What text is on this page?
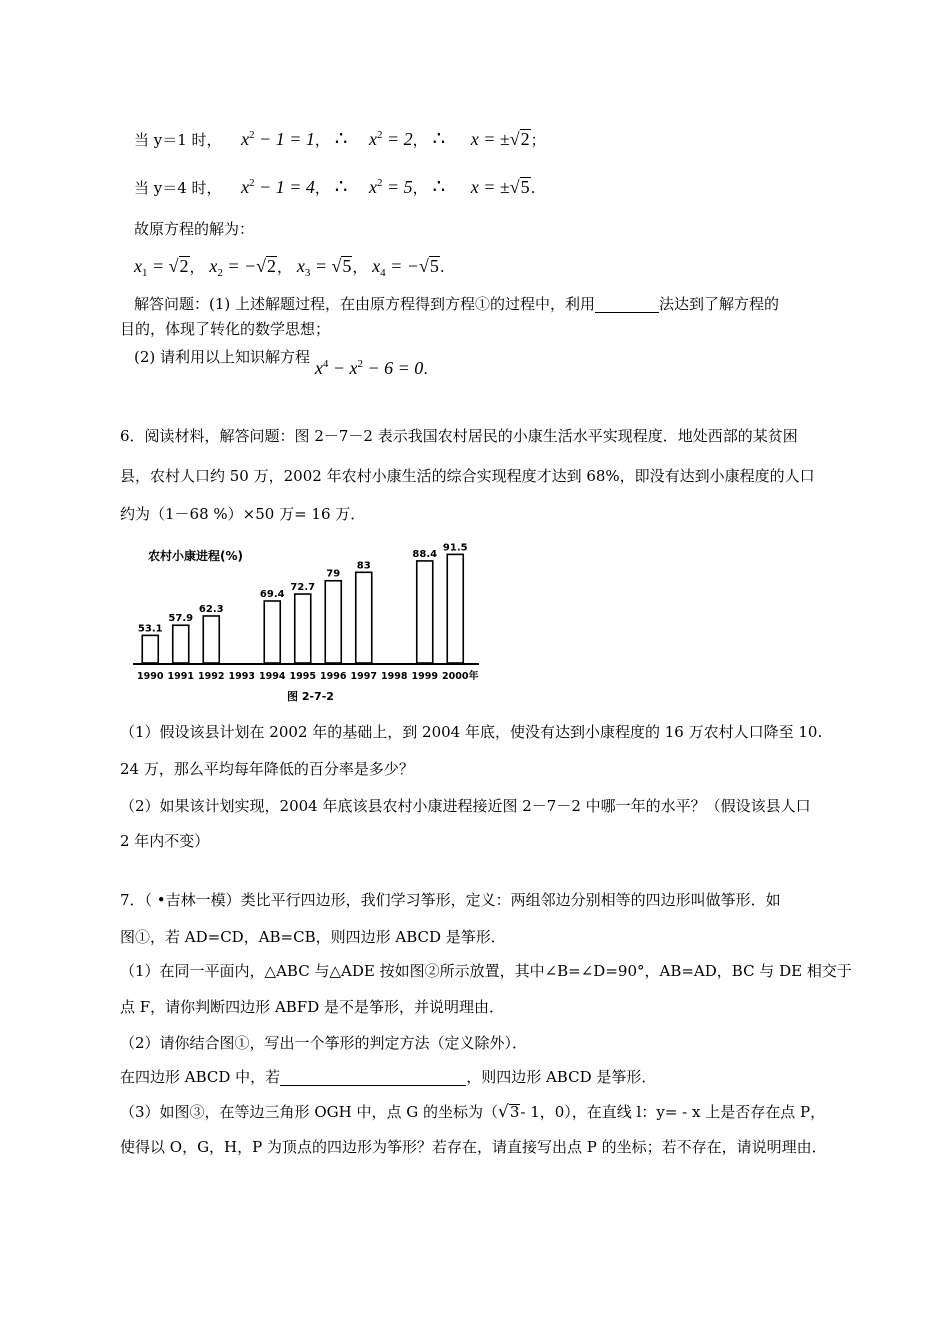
当 y＝1 时， $x^2 - 1 = 1$， ∴ $x^2 = 2$， ∴ x = ±√2；
当 y＝4 时， $x^2 - 1 = 4$， ∴ $x^2 = 5$， ∴ x = ±√5.
故原方程的解为：
$x_1 = √2$， $x_2 = -√2$， $x_3 = √5$， $x_4 = -√5$.
解答问题：(1) 上述解题过程，在由原方程得到方程①的过程中，利用	法达到了解方程的
目的，体现了转化的数学思想；
(2) 请利用以上知识解方程 $x^4 - x^2 - 6 = 0$.
6．阅读材料，解答问题：图 2－7－2 表示我国农村居民的小康生活水平实现程度．地处西部的某贫困
县，农村人口约 50 万，2002 年农村小康生活的综合实现程度才达到 68%，即没有达到小康程度的人口
约为（1－68 %）×50 万= 16 万．
农村小康进程(%)
53.1
1990
57.9
1991
62.3
1992 1993
69.4
1994
72.7
1995
79
1996
83
1997 1998
88.4
1999
91.5
2000 年
图 2-7-2
（1）假设该县计划在 2002 年的基础上，到 2004 年底，使没有达到小康程度的 16 万农村人口降至 10.
24 万，那么平均每年降低的百分率是多少？
（2）如果该计划实现，2004 年底该县农村小康进程接近图 2－7－2 中哪一年的水平？（假设该县人口
2 年内不变）
7．（ •吉林一模）类比平行四边形，我们学习筝形，定义：两组邻边分别相等的四边形叫做筝形．如
图①，若 AD=CD，AB=CB，则四边形 ABCD 是筝形．
（1）在同一平面内，△ABC 与△ADE 按如图②所示放置，其中∠B=∠D=90°，AB=AD，BC 与 DE 相交于
点 F，请你判断四边形 ABFD 是不是筝形，并说明理由．
（2）请你结合图①，写出一个筝形的判定方法（定义除外）．
在四边形 ABCD 中，若	，则四边形 ABCD 是筝形．
（3）如图③，在等边三角形 OGH 中，点 G 的坐标为（√3- 1，0），在直线 l：y= - x 上是否存在点 P，
使得以 O，G，H，P 为顶点的四边形为筝形？若存在，请直接写出点 P 的坐标；若不存在，请说明理由．
